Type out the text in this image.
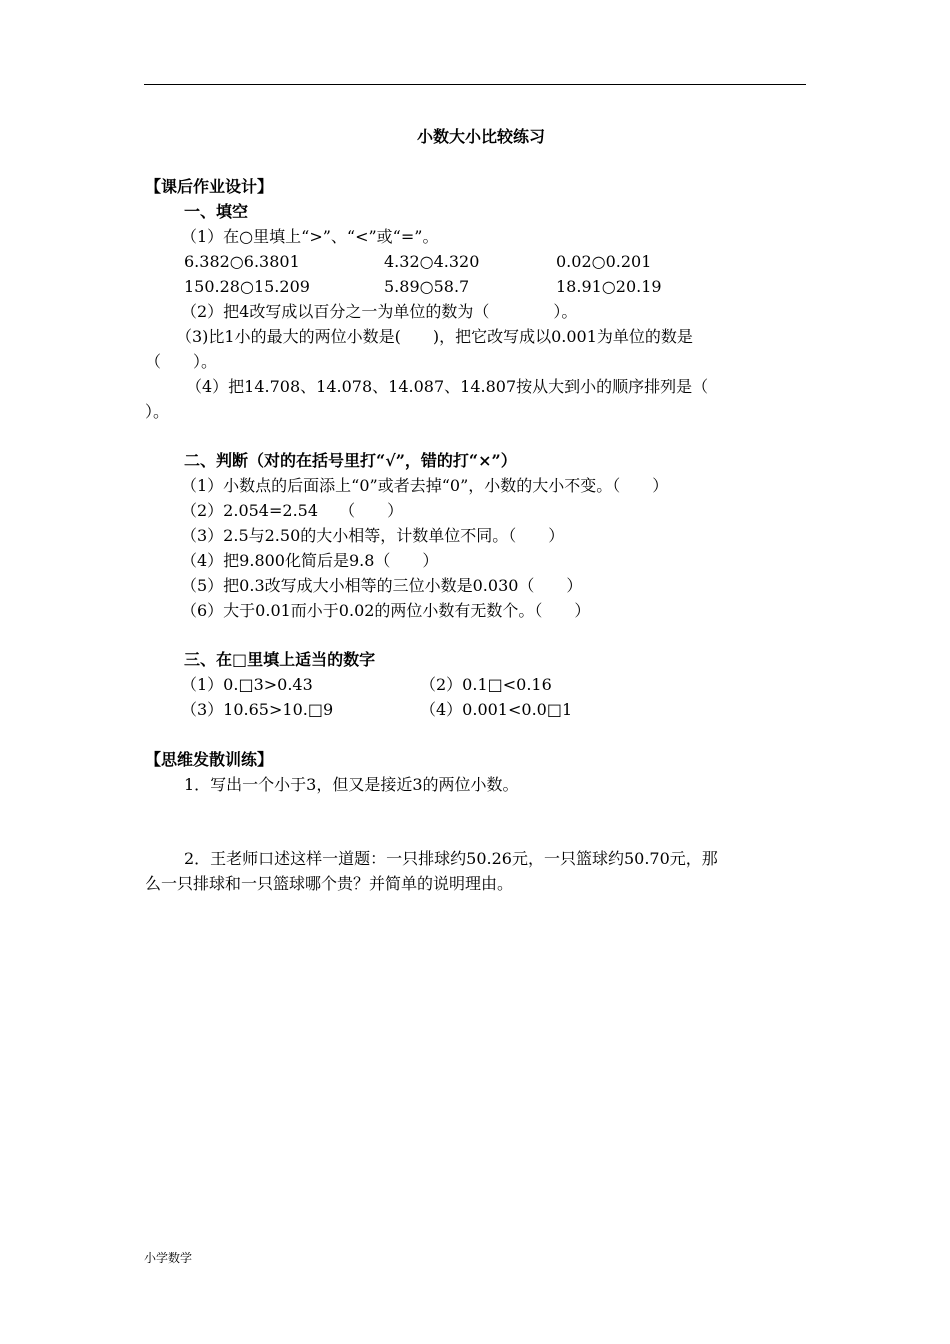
小数大小比较练习
【课后作业设计】
一、填空
（1）在○里填上“>”、“<”或“=”。
6.382○6.3801	4.32○4.320	0.02○0.201
150.28○15.209	5.89○58.7	18.91○20.19
（2）把4改写成以百分之一为单位的数为（　　　　）。
（3)比1小的最大的两位小数是(　　)，把它改写成以0.001为单位的数是
（　　）。
（4）把14.708、14.078、14.087、14.807按从大到小的顺序排列是（
）。
二、判断（对的在括号里打“√”，错的打“×”）
（1）小数点的后面添上“0”或者去掉“0”，小数的大小不变。（　　）
（2）2.054=2.54　 （　　）
（3）2.5与2.50的大小相等，计数单位不同。（　　）
（4）把9.800化简后是9.8（　　）
（5）把0.3改写成大小相等的三位小数是0.030（　　）
（6）大于0.01而小于0.02的两位小数有无数个。（　　）
三、在□里填上适当的数字
（1）0.□3>0.43	（2）0.1□<0.16
（3）10.65>10.□9	（4）0.001<0.0□1
【思维发散训练】
1．写出一个小于3，但又是接近3的两位小数。
2．王老师口述这样一道题：一只排球约50.26元，一只篮球约50.70元，那
么一只排球和一只篮球哪个贵？并简单的说明理由。
小学数学
